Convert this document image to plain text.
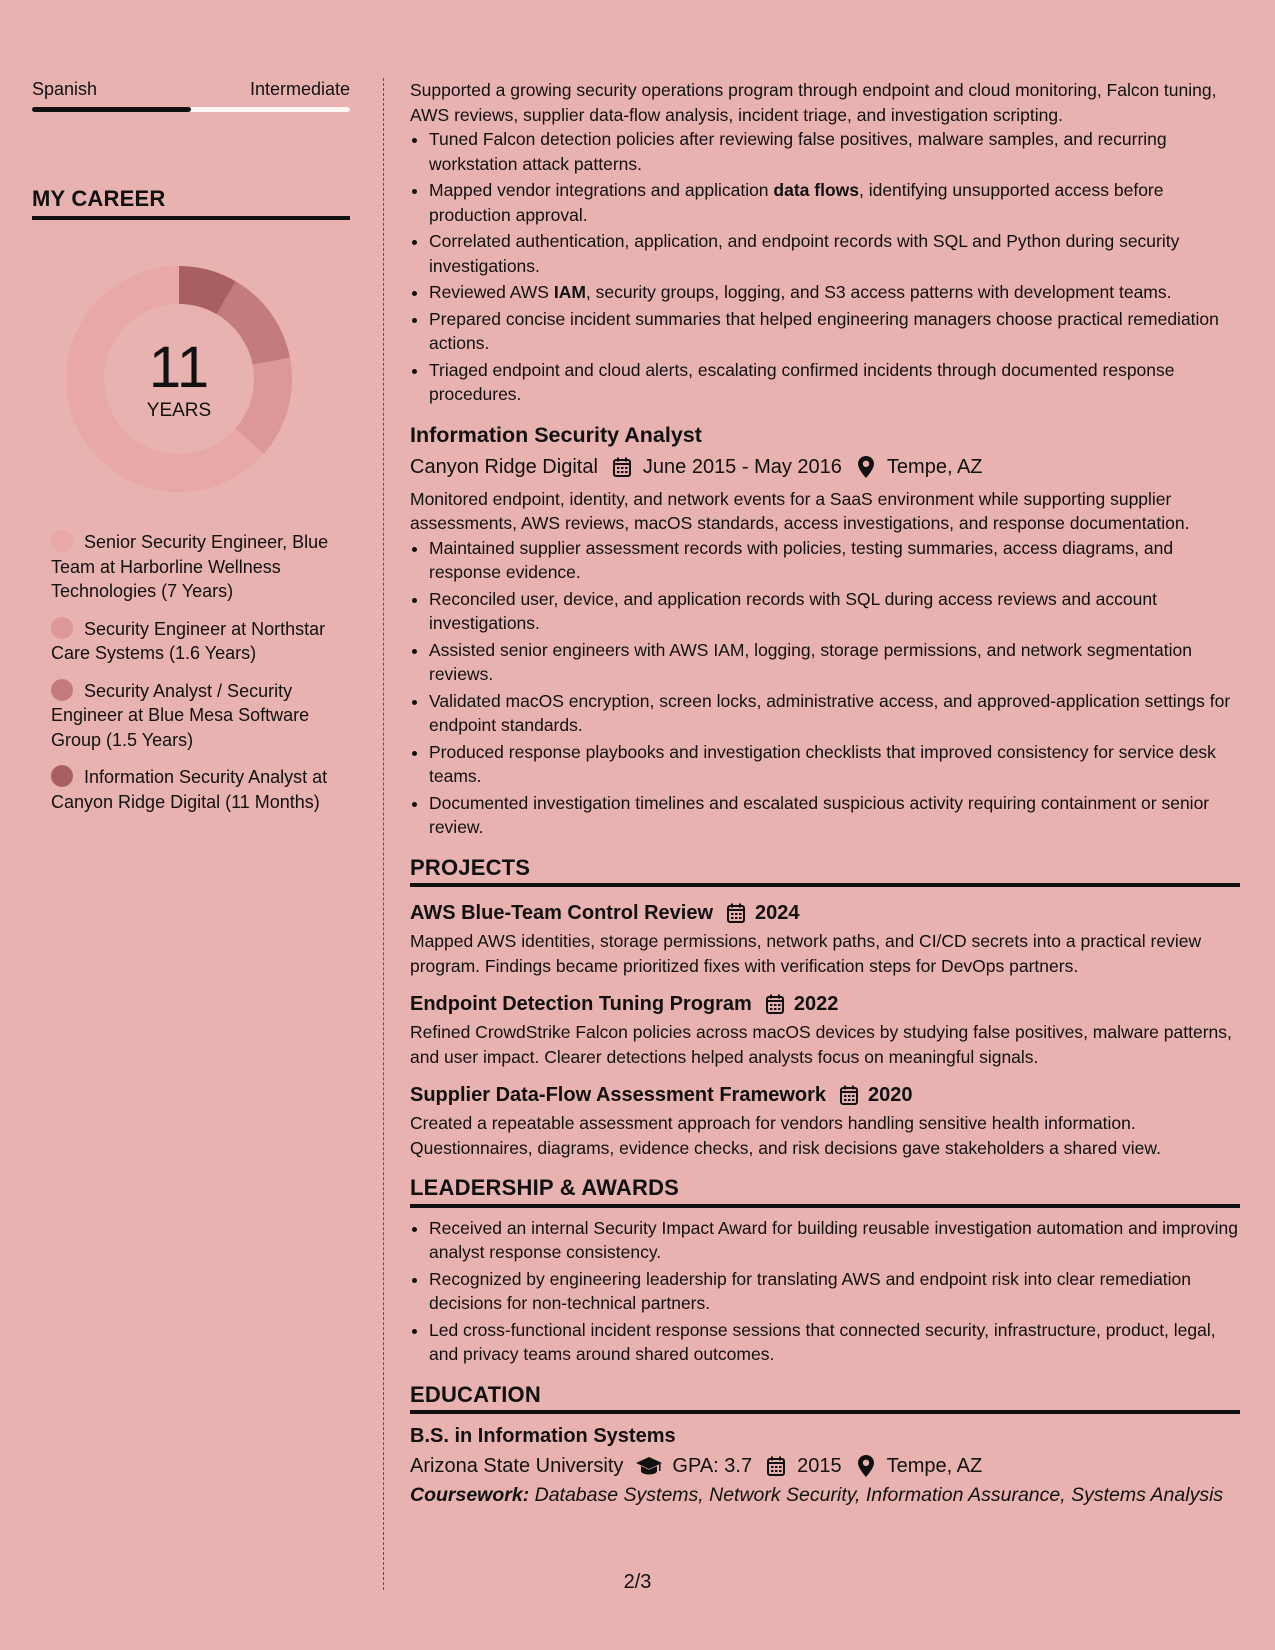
Spanish	Intermediate
MY CAREER
11
YEARS
Senior Security Engineer, Blue Team at Harborline Wellness Technologies (7 Years)
Security Engineer at Northstar Care Systems (1.6 Years)
Security Analyst / Security Engineer at Blue Mesa Software Group (1.5 Years)
Information Security Analyst at Canyon Ridge Digital (11 Months)

Supported a growing security operations program through endpoint and cloud monitoring, Falcon tuning, AWS reviews, supplier data-flow analysis, incident triage, and investigation scripting.

• Tuned Falcon detection policies after reviewing false positives, malware samples, and recurring workstation attack patterns.
• Mapped vendor integrations and application data flows, identifying unsupported access before production approval.
• Correlated authentication, application, and endpoint records with SQL and Python during security investigations.
• Reviewed AWS IAM, security groups, logging, and S3 access patterns with development teams.
• Prepared concise incident summaries that helped engineering managers choose practical remediation actions.
• Triaged endpoint and cloud alerts, escalating confirmed incidents through documented response procedures.
Information Security Analyst
Canyon Ridge Digital June 2015 - May 2016 Tempe, AZ

Monitored endpoint, identity, and network events for a SaaS environment while supporting supplier assessments, AWS reviews, macOS standards, access investigations, and response documentation.

• Maintained supplier assessment records with policies, testing summaries, access diagrams, and response evidence.
• Reconciled user, device, and application records with SQL during access reviews and account investigations.
• Assisted senior engineers with AWS IAM, logging, storage permissions, and network segmentation reviews.
• Validated macOS encryption, screen locks, administrative access, and approved-application settings for endpoint standards.
• Produced response playbooks and investigation checklists that improved consistency for service desk teams.
• Documented investigation timelines and escalated suspicious activity requiring containment or senior review.
PROJECTS
AWS Blue-Team Control Review 2024

Mapped AWS identities, storage permissions, network paths, and CI/CD secrets into a practical review program. Findings became prioritized fixes with verification steps for DevOps partners.

Endpoint Detection Tuning Program 2022

Refined CrowdStrike Falcon policies across macOS devices by studying false positives, malware patterns, and user impact. Clearer detections helped analysts focus on meaningful signals.

Supplier Data-Flow Assessment Framework 2020

Created a repeatable assessment approach for vendors handling sensitive health information. Questionnaires, diagrams, evidence checks, and risk decisions gave stakeholders a shared view.

LEADERSHIP & AWARDS
• Received an internal Security Impact Award for building reusable investigation automation and improving analyst response consistency.
• Recognized by engineering leadership for translating AWS and endpoint risk into clear remediation decisions for non-technical partners.
• Led cross-functional incident response sessions that connected security, infrastructure, product, legal, and privacy teams around shared outcomes.
EDUCATION
B.S. in Information Systems
Arizona State University GPA: 3.7 2015 Tempe, AZ

Coursework: Database Systems, Network Security, Information Assurance, Systems Analysis

2/3
